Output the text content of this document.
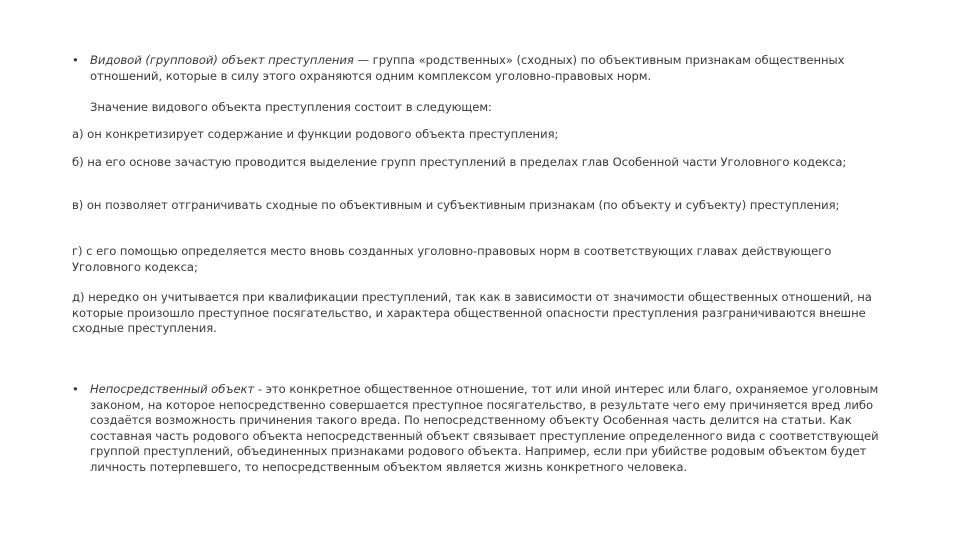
• Видовой (групповой) объект преступления — группа «родственных» (сходных) по объективным признакам общественных отношений, которые в силу этого охраняются одним комплексом уголовно-правовых норм.
Значение видового объекта преступления состоит в следующем:
а) он конкретизирует содержание и функции родового объекта преступления;
б) на его основе зачастую проводится выделение групп преступлений в пределах глав Особенной части Уголовного кодекса;
в) он позволяет отграничивать сходные по объективным и субъективным признакам (по объекту и субъекту) преступления;
г) с его помощью определяется место вновь созданных уголовно-правовых норм в соответствующих главах действующего Уголовного кодекса;
д) нередко он учитывается при квалификации преступлений, так как в зависимости от значимости общественных отношений, на которые произошло преступное посягательство, и характера общественной опасности преступления разграничиваются внешне сходные преступления.
• Непосредственный объект - это конкретное общественное отношение, тот или иной интерес или благо, охраняемое уголовным законом, на которое непосредственно совершается преступное посягательство, в результате чего ему причиняется вред либо создаётся возможность причинения такого вреда. По непосредственному объекту Особенная часть делится на статьи. Как составная часть родового объекта непосредственный объект связывает преступление определенного вида с соответствующей группой преступлений, объединенных признаками родового объекта. Например, если при убийстве родовым объектом будет личность потерпевшего, то непосредственным объектом является жизнь конкретного человека.
